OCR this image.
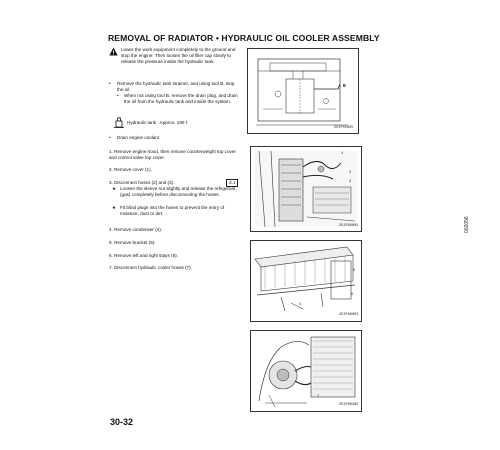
REMOVAL OF RADIATOR • HYDRAULIC OIL COOLER ASSEMBLY
!
Lower the work equipment completely to the ground and stop the engine. Then loosen the oil filler cap slowly to release the pressure inside the hydraulic tank.
• Remove the hydraulic tank strainer, and using tool B, stop the oil.
• When not using tool B, remove the drain plug, and drain the oil from the hydraulic tank and inside the system.
Hydraulic tank : Approx. 180 ℓ
• Drain engine coolant.
1. Remove engine hood, then remove counterweight top cover and control valve top cover.
2. Remove cover (1).
3. Disconnect hoses (2) and (3).	3.1
★ Loosen the sleeve nut slightly and release the refrigerant (gas) completely before disconnecting the hoses.
★ Fit blind plugs into the hoses to prevent the entry of moisture, dust or dirt.
4. Remove condenser (4).
5. Remove bracket (5).
6. Remove left and right stays (6).
7. Disconnect hydraulic cooler hoses (7).
B
252F05605
1
2
3
252F06802
5
6
4
252F06803
7
252F06485
002056
30-32
